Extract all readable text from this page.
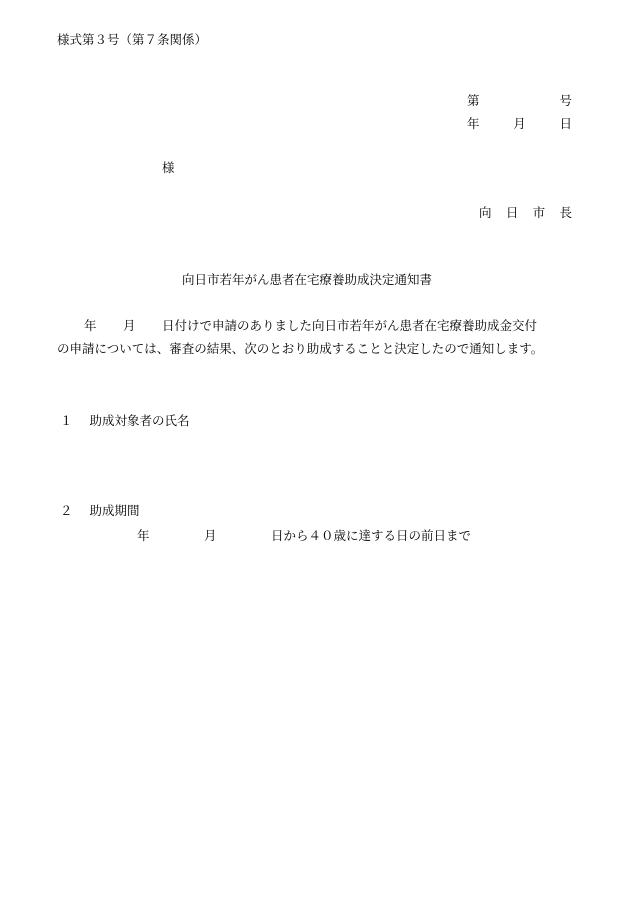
様式第３号（第７条関係）
第	号
年	月	日
様
向 日 市 長
向日市若年がん患者在宅療養助成決定通知書
年 月 日付けで申請のありました向日市若年がん患者在宅療養助成金交付
の申請については、審査の結果、次のとおり助成することと決定したので通知します。
１ 助成対象者の氏名
２ 助成期間
年	月	日から４０歳に達する日の前日まで
